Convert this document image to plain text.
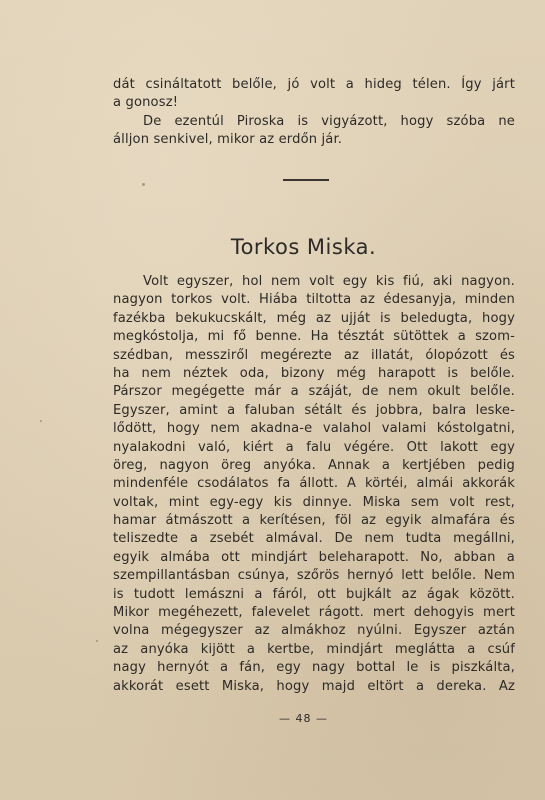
dát csináltatott belőle, jó volt a hideg télen. Így járt
a gonosz!
De ezentúl Piroska is vigyázott, hogy szóba ne
álljon senkivel, mikor az erdőn jár.
Torkos Miska.
Volt egyszer, hol nem volt egy kis fiú, aki nagyon.
nagyon torkos volt. Hiába tiltotta az édesanyja, minden
fazékba bekukucskált, még az ujját is beledugta, hogy
megkóstolja, mi fő benne. Ha tésztát sütöttek a szom-
szédban, messziről megérezte az illatát, ólopózott és
ha nem néztek oda, bizony még harapott is belőle.
Párszor megégette már a száját, de nem okult belőle.
Egyszer, amint a faluban sétált és jobbra, balra leske-
lődött, hogy nem akadna-e valahol valami kóstolgatni,
nyalakodni való, kiért a falu végére. Ott lakott egy
öreg, nagyon öreg anyóka. Annak a kertjében pedig
mindenféle csodálatos fa állott. A körtéi, almái akkorák
voltak, mint egy-egy kis dinnye. Miska sem volt rest,
hamar átmászott a kerítésen, föl az egyik almafára és
teliszedte a zsebét almával. De nem tudta megállni,
egyik almába ott mindjárt beleharapott. No, abban a
szempillantásban csúnya, szőrös hernyó lett belőle. Nem
is tudott lemászni a fáról, ott bujkált az ágak között.
Mikor megéhezett, falevelet rágott. mert dehogyis mert
volna mégegyszer az almákhoz nyúlni. Egyszer aztán
az anyóka kijött a kertbe, mindjárt meglátta a csúf
nagy hernyót a fán, egy nagy bottal le is piszkálta,
akkorát esett Miska, hogy majd eltört a dereka. Az
— 48 —
